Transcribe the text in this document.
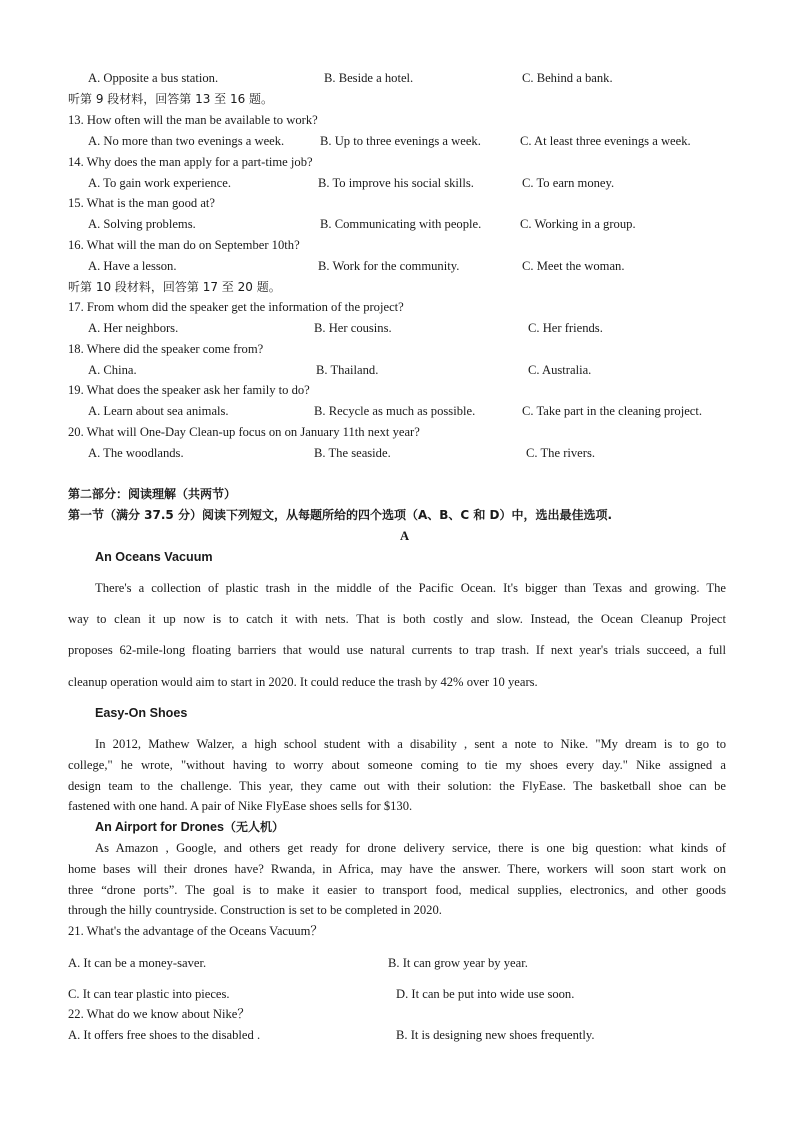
A. Opposite a bus station.	B. Beside a hotel.	C. Behind a bank.
听第 9 段材料，回答第 13 至 16 题。
13. How often will the man be available to work?
A. No more than two evenings a week.	B. Up to three evenings a week.	C. At least three evenings a week.
14. Why does the man apply for a part-time job?
A. To gain work experience.	B. To improve his social skills.	C. To earn money.
15. What is the man good at?
A. Solving problems.	B. Communicating with people.	C. Working in a group.
16. What will the man do on September 10th?
A. Have a lesson.	B. Work for the community.	C. Meet the woman.
听第 10 段材料，回答第 17 至 20 题。
17. From whom did the speaker get the information of the project?
A. Her neighbors.	B. Her cousins.	C. Her friends.
18. Where did the speaker come from?
A. China.	B. Thailand.	C. Australia.
19. What does the speaker ask her family to do?
A. Learn about sea animals.	B. Recycle as much as possible.	C. Take part in the cleaning project.
20. What will One-Day Clean-up focus on on January 11th next year?
A. The woodlands.	B. The seaside.	C. The rivers.
第二部分：阅读理解（共两节）
第一节（满分 37.5 分）阅读下列短文，从每题所给的四个选项（A、B、C 和 D）中，选出最佳选项.
A
An Oceans Vacuum
There's a collection of plastic trash in the middle of the Pacific Ocean. It's bigger than Texas and growing. The
way to clean it up now is to catch it with nets. That is both costly and slow. Instead, the Ocean Cleanup Project
proposes 62-mile-long floating barriers that would use natural currents to trap trash. If next year's trials succeed, a full
cleanup operation would aim to start in 2020. It could reduce the trash by 42% over 10 years.
Easy-On Shoes
In 2012, Mathew Walzer, a high school student with a disability , sent a note to Nike. "My dream is to go to
college," he wrote, "without having to worry about someone coming to tie my shoes every day." Nike assigned a
design team to the challenge. This year, they came out with their solution: the FlyEase. The basketball shoe can be
fastened with one hand. A pair of Nike FlyEase shoes sells for $130.
An Airport for Drones（无人机）
As Amazon , Google, and others get ready for drone delivery service, there is one big question: what kinds of
home bases will their drones have? Rwanda, in Africa, may have the answer. There, workers will soon start work on
three “drone ports”. The goal is to make it easier to transport food, medical supplies, electronics, and other goods
through the hilly countryside. Construction is set to be completed in 2020.
21. What's the advantage of the Oceans Vacuum？
A. It can be a money-saver.	B. It can grow year by year.
C. It can tear plastic into pieces.	D. It can be put into wide use soon.
22. What do we know about Nike？
A. It offers free shoes to the disabled .	B. It is designing new shoes frequently.
